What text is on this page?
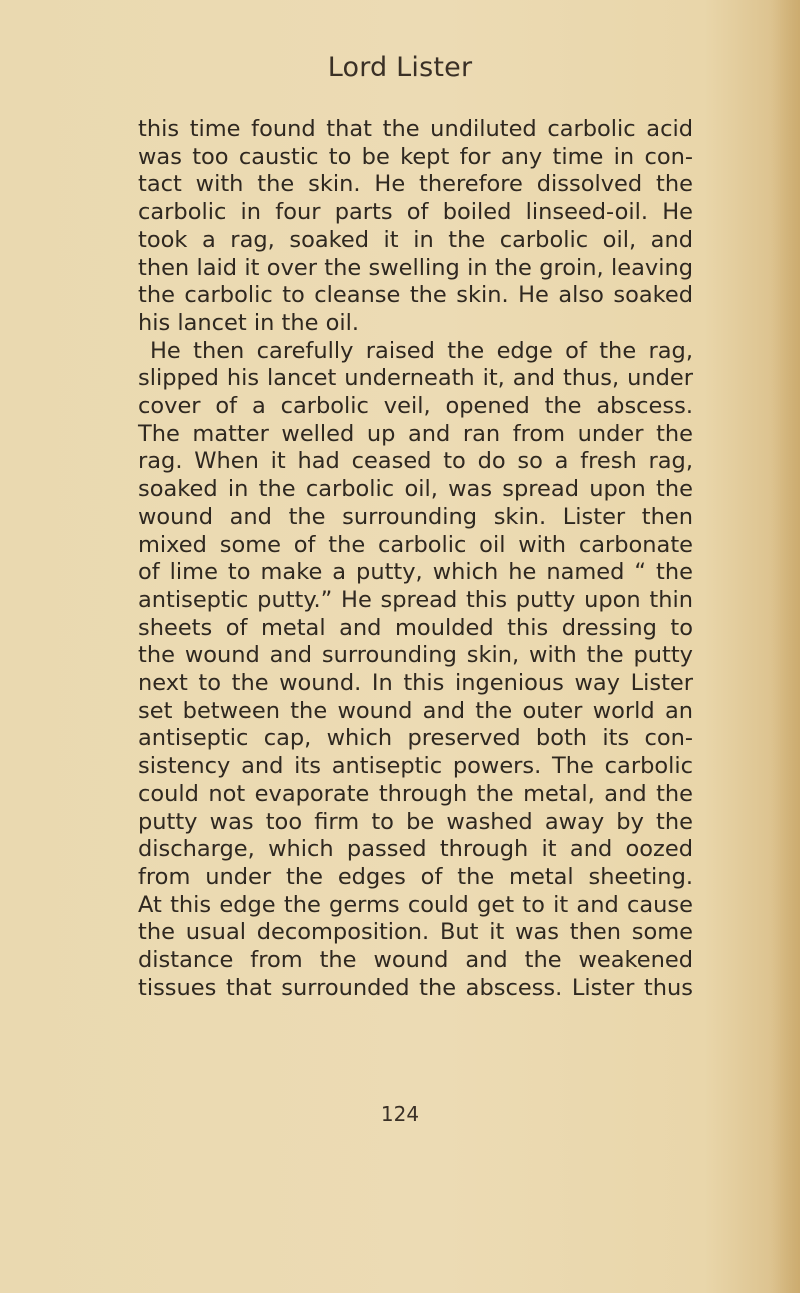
Lord Lister
this time found that the undiluted carbolic acid
was too caustic to be kept for any time in con-
tact with the skin. He therefore dissolved the
carbolic in four parts of boiled linseed-oil. He
took a rag, soaked it in the carbolic oil, and
then laid it over the swelling in the groin, leaving
the carbolic to cleanse the skin. He also soaked
his lancet in the oil.
He then carefully raised the edge of the rag,
slipped his lancet underneath it, and thus, under
cover of a carbolic veil, opened the abscess.
The matter welled up and ran from under the
rag. When it had ceased to do so a fresh rag,
soaked in the carbolic oil, was spread upon the
wound and the surrounding skin. Lister then
mixed some of the carbolic oil with carbonate
of lime to make a putty, which he named “ the
antiseptic putty.” He spread this putty upon thin
sheets of metal and moulded this dressing to
the wound and surrounding skin, with the putty
next to the wound. In this ingenious way Lister
set between the wound and the outer world an
antiseptic cap, which preserved both its con-
sistency and its antiseptic powers. The carbolic
could not evaporate through the metal, and the
putty was too firm to be washed away by the
discharge, which passed through it and oozed
from under the edges of the metal sheeting.
At this edge the germs could get to it and cause
the usual decomposition. But it was then some
distance from the wound and the weakened
tissues that surrounded the abscess. Lister thus
124
